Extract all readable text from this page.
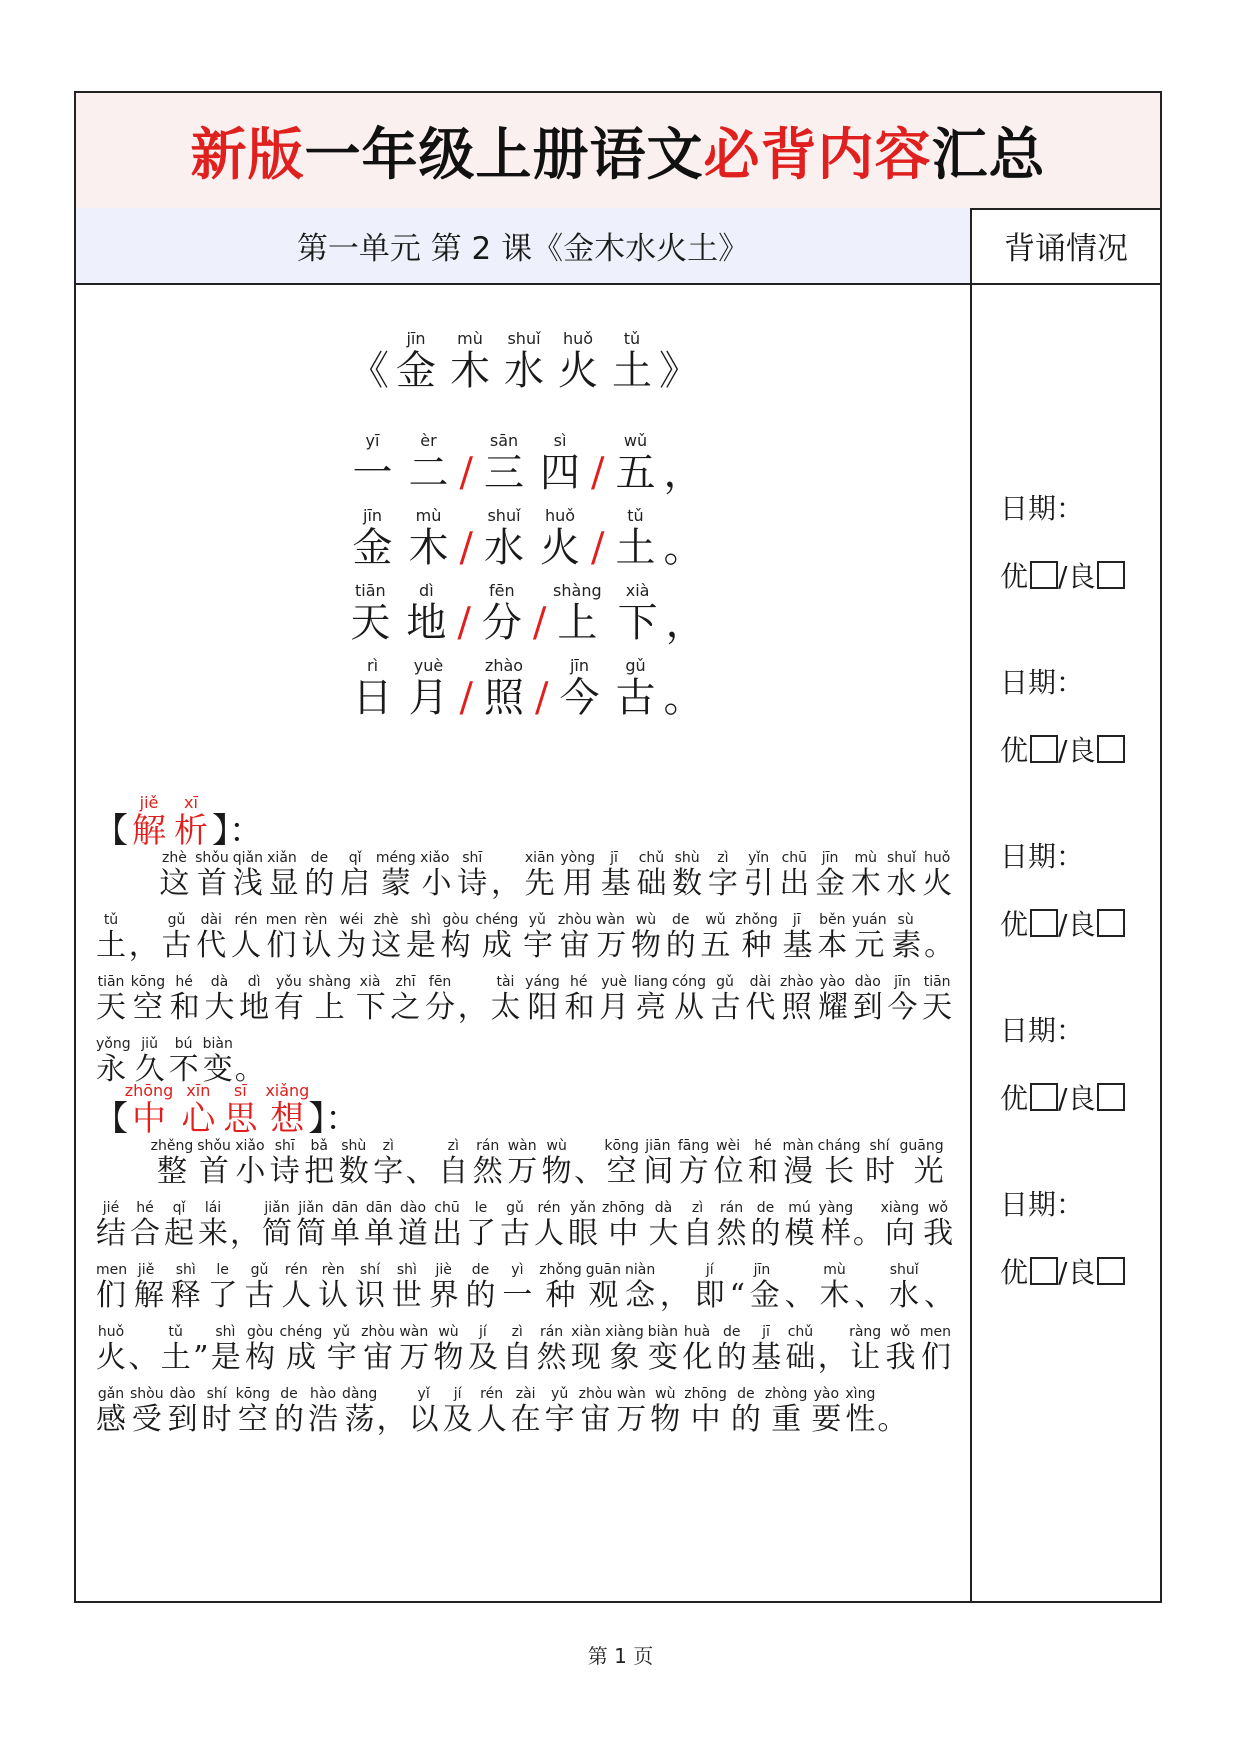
新版 一年级上册语文 必背内容 汇总
第一单元 第 2 课《金木水火土》	背诵情况
《 金jīn木mù水shuǐ火huǒ土tǔ》
一yī二èr/ 三sān四sì/ 五wǔ，
金jīn木mù/ 水shuǐ火huǒ/ 土tǔ。
天tiān地dì/ 分fēn/ 上shàng下xià，
日rì月yuè/ 照zhào/ 今jīn古gǔ。
【 解jiě析xī】：

　　这zhè首shǒu浅qiǎn显xiǎn的de启qǐ蒙méng小xiǎo诗shī，先xiān用yòng基jī础chǔ数shù字zì引yǐn出chū金jīn木mù水shuǐ火huǒ土tǔ，古gǔ代dài人rén们men认rèn为wéi这zhè是shì构gòu成chéng宇yǔ宙zhòu万wàn物wù的de五wǔ种zhǒng基jī本běn元yuán素sù。天tiān空kōng和hé大dà地dì有yǒu上shàng下xià之zhī分fēn，太tài阳yáng和hé月yuè亮liang从cóng古gǔ代dài照zhào耀yào到dào今jīn天tiān永yǒng久jiǔ不bú变biàn。

【中zhōng心xīn思sī想xiǎng】：

　　整zhěng首shǒu小xiǎo诗shī把bǎ数shù字zì、自zì然rán万wàn物wù、空kōng间jiān方fāng位wèi和hé漫màn长cháng时shí光guāng结jié合hé起qǐ来lái，简jiǎn简jiǎn单dān单dān道dào出chū了le古gǔ人rén眼yǎn中zhōng大dà自zì然rán的de模mú样yàng。向xiàng我wǒ们men解jiě释shì了le古gǔ人rén认rèn识shí世shì界jiè的de一yì种zhǒng观guān念niàn，即jí“金jīn、木mù、水shuǐ、火huǒ、土tǔ”是shì构gòu成chéng宇yǔ宙zhòu万wàn物wù及jí自zì然rán现xiàn象xiàng变biàn化huà的de基jī础chǔ，让ràng我wǒ们men感gǎn受shòu到dào时shí空kōng的de浩hào荡dàng，以yǐ及jí人rén在zài宇yǔ宙zhòu万wàn物wù中zhōng的de重zhòng要yào性xìng。

日期：
优 /良
日期：
优 /良
日期：
优 /良
日期：
优 /良
日期：
优 /良
第 1 页
